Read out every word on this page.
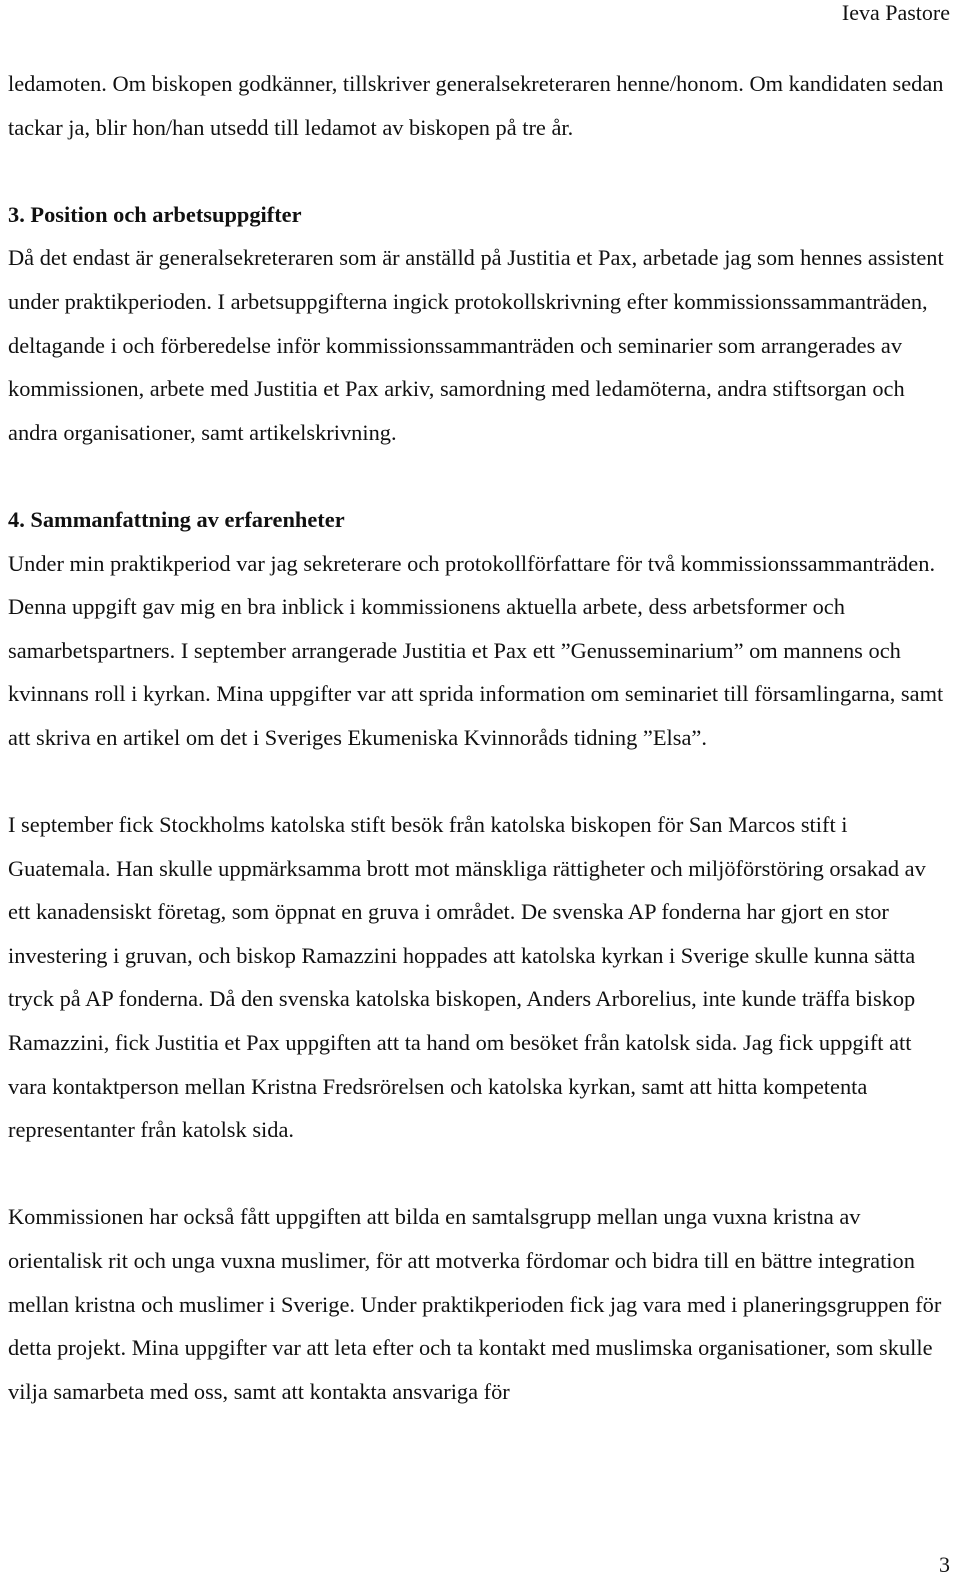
Ieva Pastore

ledamoten. Om biskopen godkänner, tillskriver generalsekreteraren henne/honom. Om kandidaten sedan tackar ja, blir hon/han utsedd till ledamot av biskopen på tre år.

3. Position och arbetsuppgifter

Då det endast är generalsekreteraren som är anställd på Justitia et Pax, arbetade jag som hennes assistent under praktikperioden. I arbetsuppgifterna ingick protokollskrivning efter kommissionssammanträden, deltagande i och förberedelse inför kommissionssammanträden och seminarier som arrangerades av kommissionen, arbete med Justitia et Pax arkiv, samordning med ledamöterna, andra stiftsorgan och andra organisationer, samt artikelskrivning.

4. Sammanfattning av erfarenheter

Under min praktikperiod var jag sekreterare och protokollförfattare för två kommissionssammanträden. Denna uppgift gav mig en bra inblick i kommissionens aktuella arbete, dess arbetsformer och samarbetspartners. I september arrangerade Justitia et Pax ett ”Genusseminarium” om mannens och kvinnans roll i kyrkan. Mina uppgifter var att sprida information om seminariet till församlingarna, samt att skriva en artikel om det i Sveriges Ekumeniska Kvinnoråds tidning ”Elsa”.

I september fick Stockholms katolska stift besök från katolska biskopen för San Marcos stift i Guatemala. Han skulle uppmärksamma brott mot mänskliga rättigheter och miljöförstöring orsakad av ett kanadensiskt företag, som öppnat en gruva i området. De svenska AP fonderna har gjort en stor investering i gruvan, och biskop Ramazzini hoppades att katolska kyrkan i Sverige skulle kunna sätta tryck på AP fonderna. Då den svenska katolska biskopen, Anders Arborelius, inte kunde träffa biskop Ramazzini, fick Justitia et Pax uppgiften att ta hand om besöket från katolsk sida. Jag fick uppgift att vara kontaktperson mellan Kristna Fredsrörelsen och katolska kyrkan, samt att hitta kompetenta representanter från katolsk sida.

Kommissionen har också fått uppgiften att bilda en samtalsgrupp mellan unga vuxna kristna av orientalisk rit och unga vuxna muslimer, för att motverka fördomar och bidra till en bättre integration mellan kristna och muslimer i Sverige. Under praktikperioden fick jag vara med i planeringsgruppen för detta projekt. Mina uppgifter var att leta efter och ta kontakt med muslimska organisationer, som skulle vilja samarbeta med oss, samt att kontakta ansvariga för

3
